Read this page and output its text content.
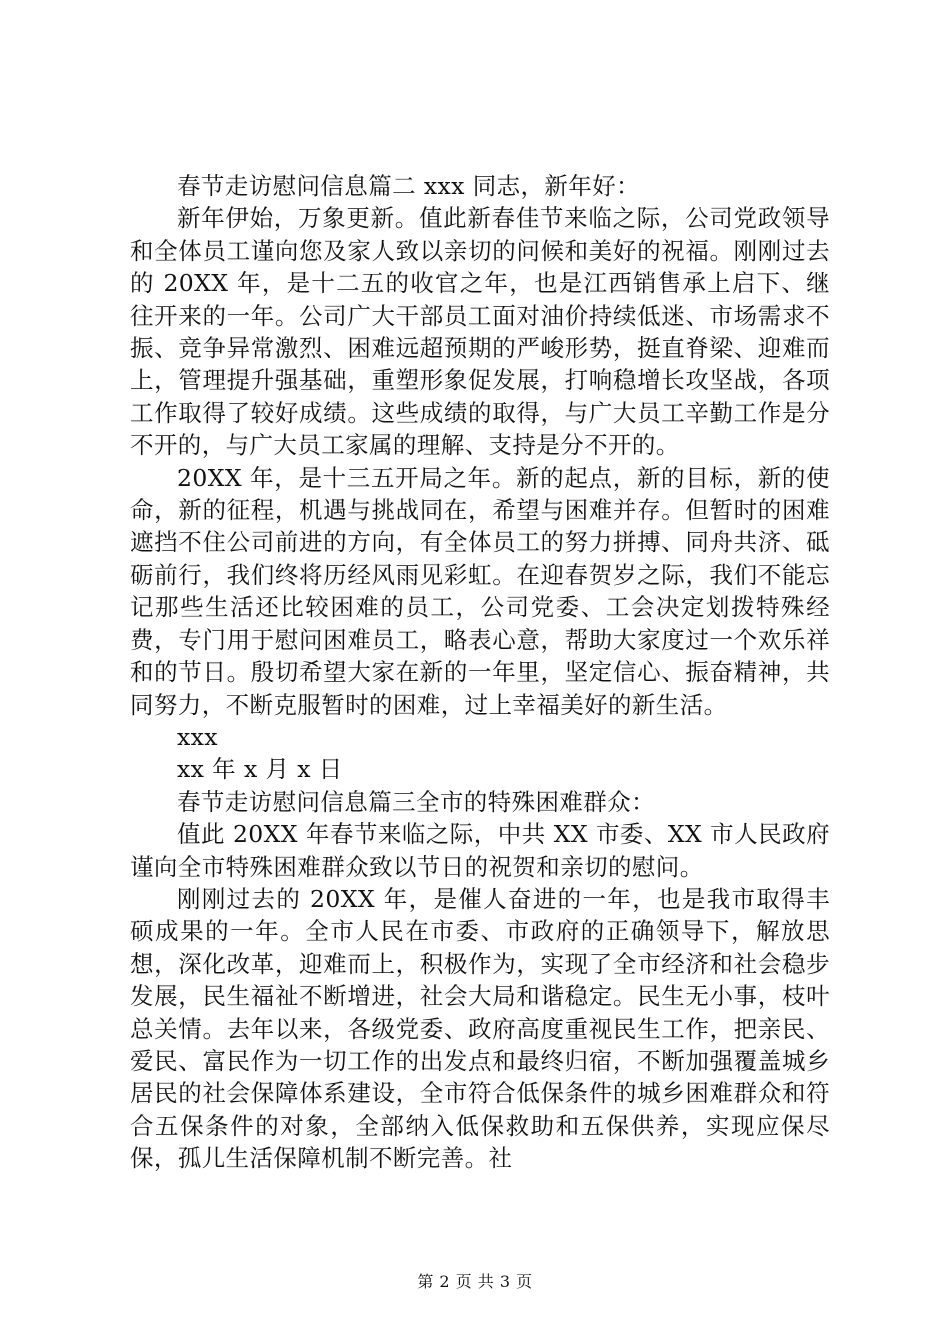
春节走访慰问信息篇二 xxx 同志，新年好：

新年伊始，万象更新。值此新春佳节来临之际，公司党政领导和全体员工谨向您及家人致以亲切的问候和美好的祝福。刚刚过去的 20XX 年，是十二五的收官之年，也是江西销售承上启下、继往开来的一年。公司广大干部员工面对油价持续低迷、市场需求不振、竞争异常激烈、困难远超预期的严峻形势，挺直脊梁、迎难而上，管理提升强基础，重塑形象促发展，打响稳增长攻坚战，各项工作取得了较好成绩。这些成绩的取得，与广大员工辛勤工作是分不开的，与广大员工家属的理解、支持是分不开的。

20XX 年，是十三五开局之年。新的起点，新的目标，新的使命，新的征程，机遇与挑战同在，希望与困难并存。但暂时的困难遮挡不住公司前进的方向，有全体员工的努力拼搏、同舟共济、砥砺前行，我们终将历经风雨见彩虹。在迎春贺岁之际，我们不能忘记那些生活还比较困难的员工，公司党委、工会决定划拨特殊经费，专门用于慰问困难员工，略表心意，帮助大家度过一个欢乐祥和的节日。殷切希望大家在新的一年里，坚定信心、振奋精神，共同努力，不断克服暂时的困难，过上幸福美好的新生活。

xxx

xx 年 x 月 x 日

春节走访慰问信息篇三全市的特殊困难群众：

值此 20XX 年春节来临之际，中共 XX 市委、XX 市人民政府谨向全市特殊困难群众致以节日的祝贺和亲切的慰问。

刚刚过去的 20XX 年，是催人奋进的一年，也是我市取得丰硕成果的一年。全市人民在市委、市政府的正确领导下，解放思想，深化改革，迎难而上，积极作为，实现了全市经济和社会稳步发展，民生福祉不断增进，社会大局和谐稳定。民生无小事，枝叶总关情。去年以来，各级党委、政府高度重视民生工作，把亲民、爱民、富民作为一切工作的出发点和最终归宿，不断加强覆盖城乡居民的社会保障体系建设，全市符合低保条件的城乡困难群众和符合五保条件的对象，全部纳入低保救助和五保供养，实现应保尽保，孤儿生活保障机制不断完善。社

第 2 页 共 3 页
